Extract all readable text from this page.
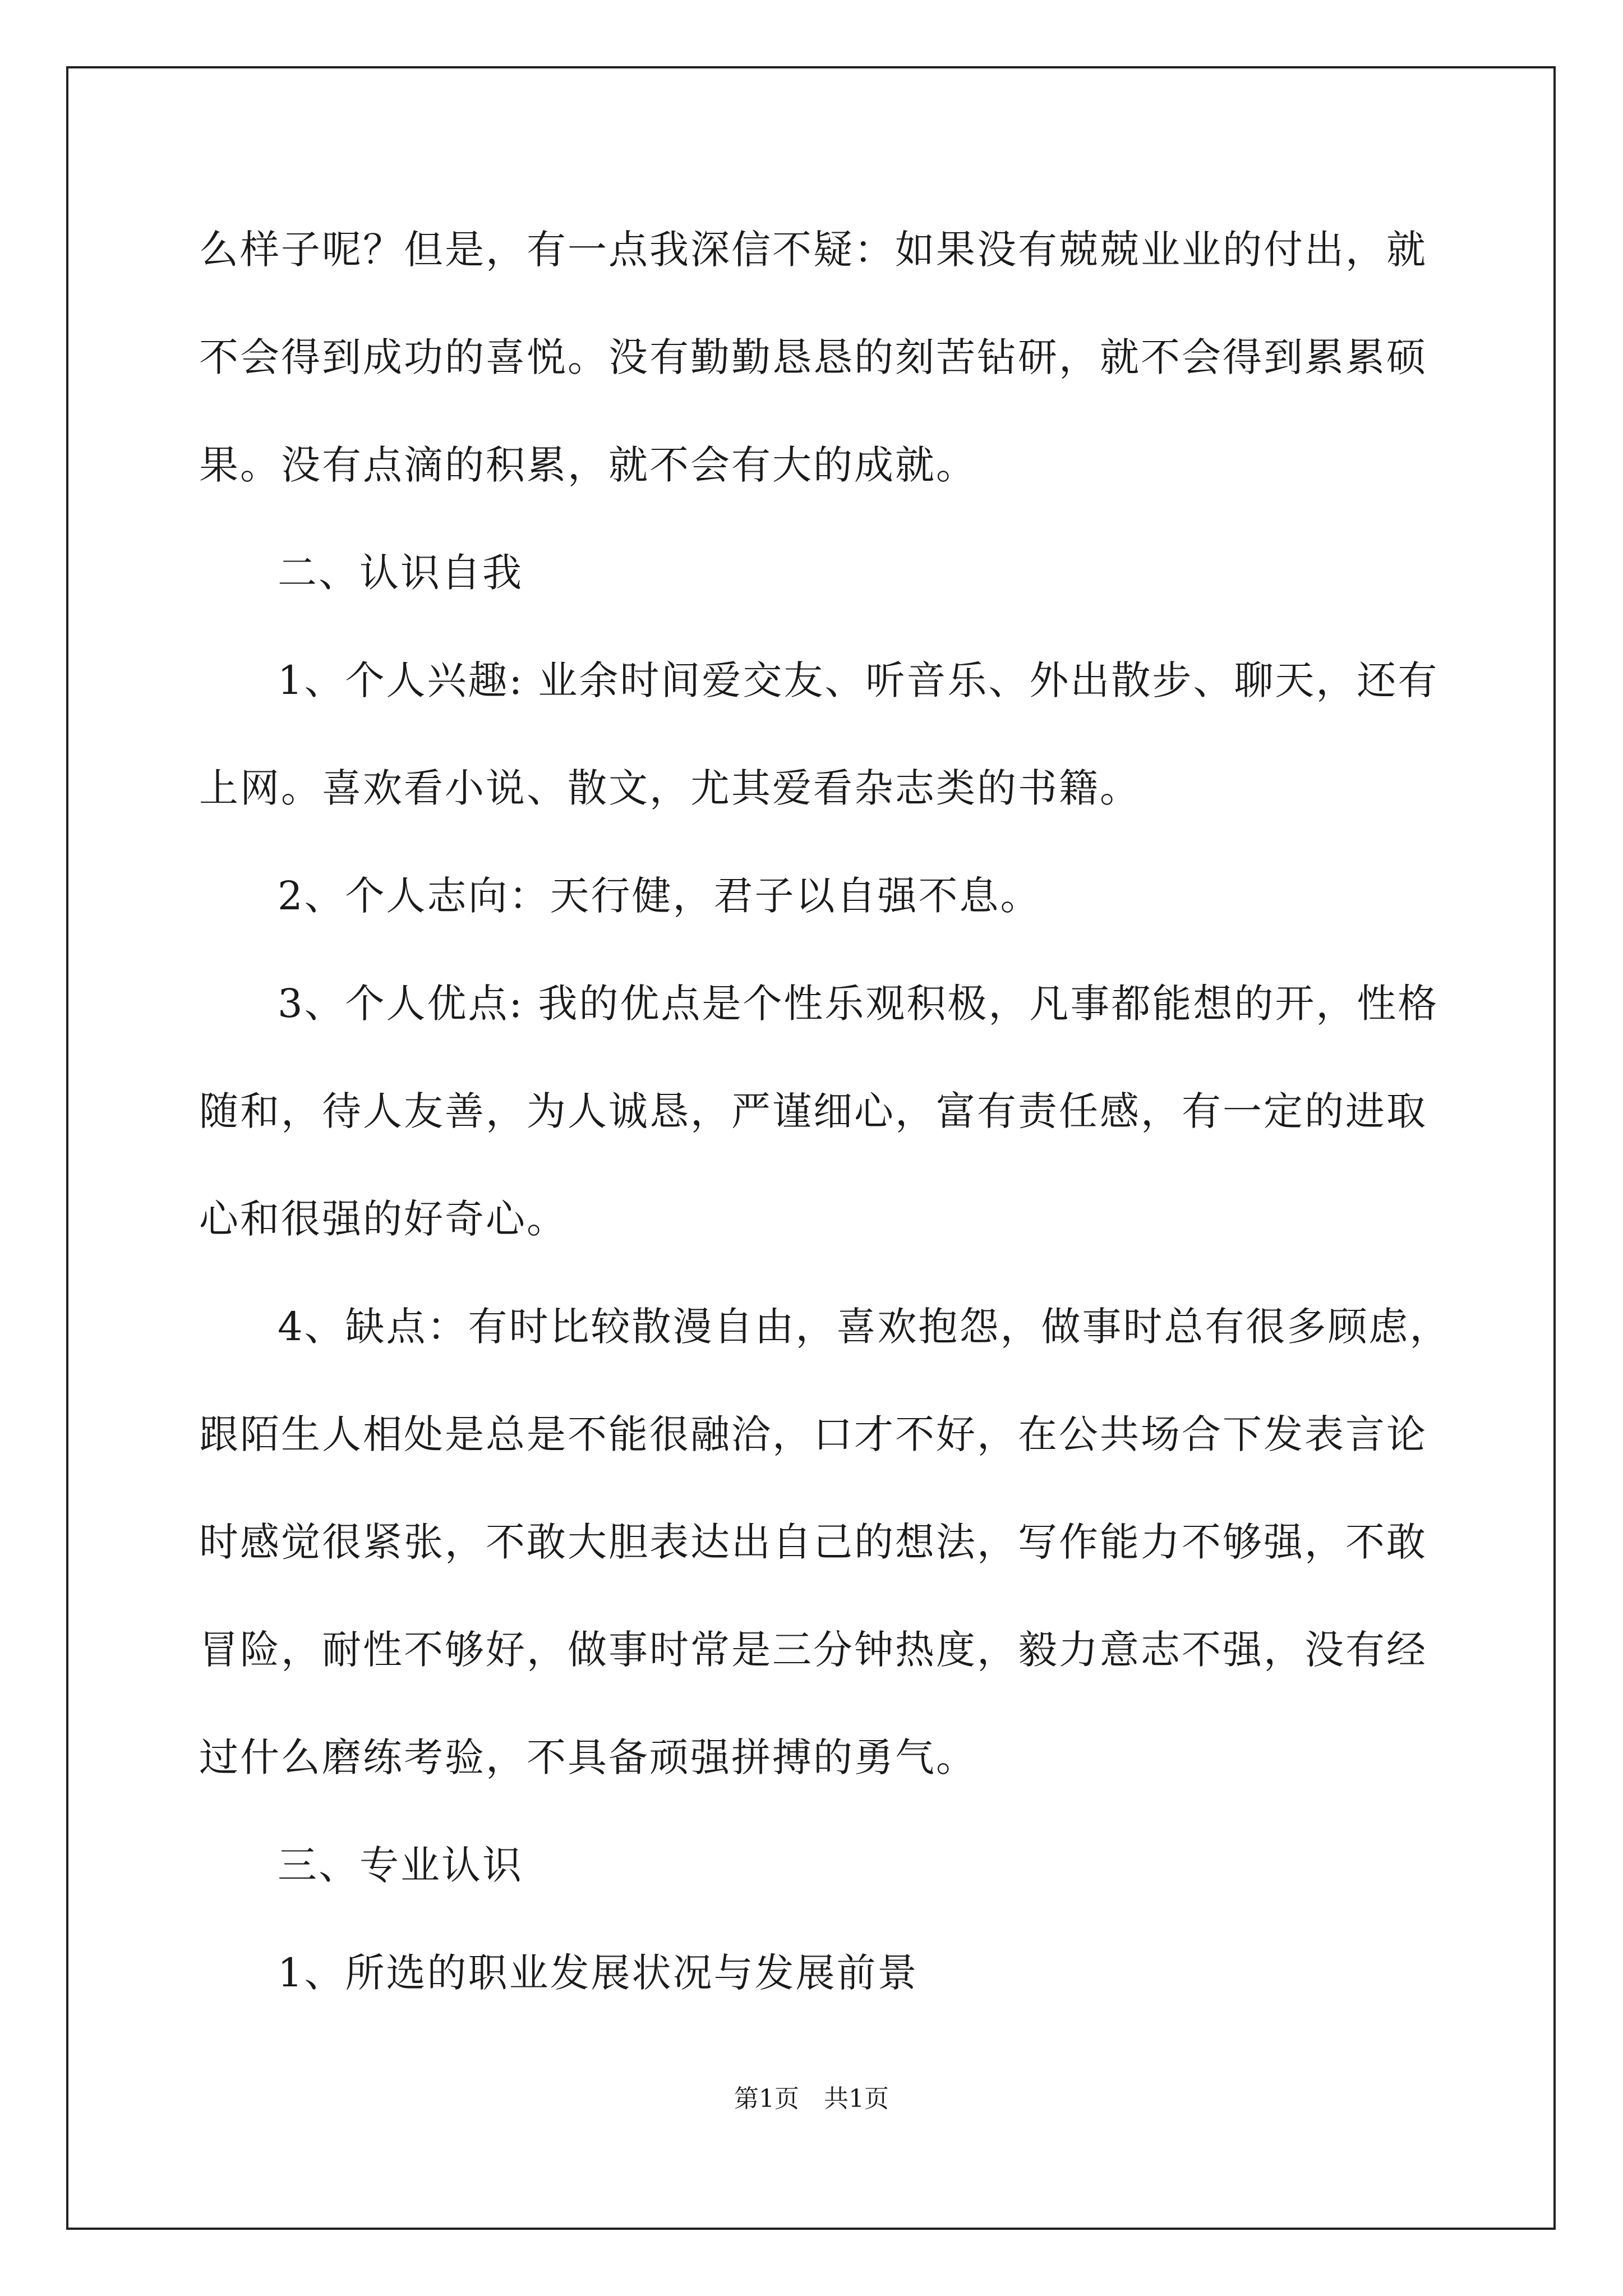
么样子呢？但是，有一点我深信不疑：如果没有兢兢业业的付出，就

不会得到成功的喜悦。没有勤勤恳恳的刻苦钻研，就不会得到累累硕

果。没有点滴的积累，就不会有大的成就。

二、认识自我

1、个人兴趣: 业余时间爱交友、听音乐、外出散步、聊天，还有

上网。喜欢看小说、散文，尤其爱看杂志类的书籍。

2、个人志向：天行健，君子以自强不息。

3、个人优点: 我的优点是个性乐观积极，凡事都能想的开，性格

随和，待人友善，为人诚恳，严谨细心，富有责任感，有一定的进取

心和很强的好奇心。

4、缺点：有时比较散漫自由，喜欢抱怨，做事时总有很多顾虑，

跟陌生人相处是总是不能很融洽，口才不好，在公共场合下发表言论

时感觉很紧张，不敢大胆表达出自己的想法，写作能力不够强，不敢

冒险，耐性不够好，做事时常是三分钟热度，毅力意志不强，没有经

过什么磨练考验，不具备顽强拼搏的勇气。

三、专业认识

1、所选的职业发展状况与发展前景

第1页　共1页
